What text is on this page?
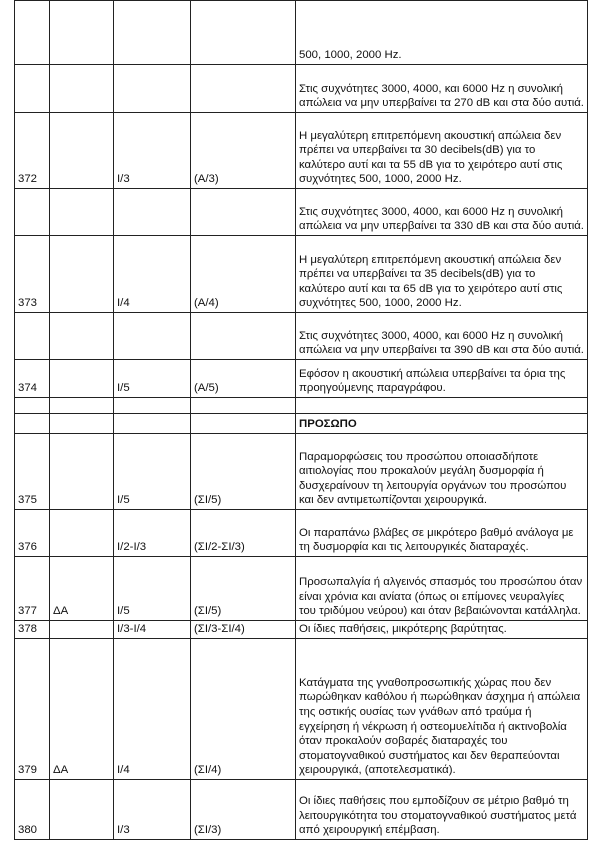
				500, 1000, 2000 Hz.
				Στις συχνότητες 3000, 4000, και 6000 Hz η συνολική απώλεια να μην υπερβαίνει τα 270 dB και στα δύο αυτιά.
372		I/3	(Α/3)	Η μεγαλύτερη επιτρεπόμενη ακουστική απώλεια δεν πρέπει να υπερβαίνει τα 30 decibels(dB) για το καλύτερο αυτί και τα 55 dB για το χειρότερο αυτί στις συχνότητες 500, 1000, 2000 Hz.
				Στις συχνότητες 3000, 4000, και 6000 Hz η συνολική απώλεια να μην υπερβαίνει τα 330 dB και στα δύο αυτιά.
373		I/4	(Α/4)	Η μεγαλύτερη επιτρεπόμενη ακουστική απώλεια δεν πρέπει να υπερβαίνει τα 35 decibels(dB) για το καλύτερο αυτί και τα 65 dB για το χειρότερο αυτί στις συχνότητες 500, 1000, 2000 Hz.
				Στις συχνότητες 3000, 4000, και 6000 Hz η συνολική απώλεια να μην υπερβαίνει τα 390 dB και στα δύο αυτιά.
374		I/5	(Α/5)	Εφόσον η ακουστική απώλεια υπερβαίνει τα όρια της προηγούμενης παραγράφου.

				ΠΡΟΣΩΠΟ
375		I/5	(ΣΙ/5)	Παραμορφώσεις του προσώπου οποιασδήποτε αιτιολογίας που προκαλούν μεγάλη δυσμορφία ή δυσχεραίνουν τη λειτουργία οργάνων του προσώπου και δεν αντιμετωπίζονται χειρουργικά.
376		I/2-I/3	(ΣΙ/2-ΣΙ/3)	Οι παραπάνω βλάβες σε μικρότερο βαθμό ανάλογα με τη δυσμορφία και τις λειτουργικές διαταραχές.
377	ΔΑ	I/5	(ΣΙ/5)	Προσωπαλγία ή αλγεινός σπασμός του προσώπου όταν είναι χρόνια και ανίατα (όπως οι επίμονες νευραλγίες του τριδύμου νεύρου) και όταν βεβαιώνονται κατάλληλα.
378		I/3-I/4	(ΣΙ/3-ΣΙ/4)	Οι ίδιες παθήσεις, μικρότερης βαρύτητας.
379	ΔΑ	I/4	(ΣΙ/4)	Κατάγματα της γναθοπροσωπικής χώρας που δεν πωρώθηκαν καθόλου ή πωρώθηκαν άσχημα ή απώλεια της οστικής ουσίας των γνάθων από τραύμα ή εγχείρηση ή νέκρωση ή οστεομυελίτιδα ή ακτινοβολία όταν προκαλούν σοβαρές διαταραχές του στοματογναθικού συστήματος και δεν θεραπεύονται χειρουργικά, (αποτελεσματικά).
380		I/3	(ΣΙ/3)	Οι ίδιες παθήσεις που εμποδίζουν σε μέτριο βαθμό τη λειτουργικότητα του στοματογναθικού συστήματος μετά από χειρουργική επέμβαση.
